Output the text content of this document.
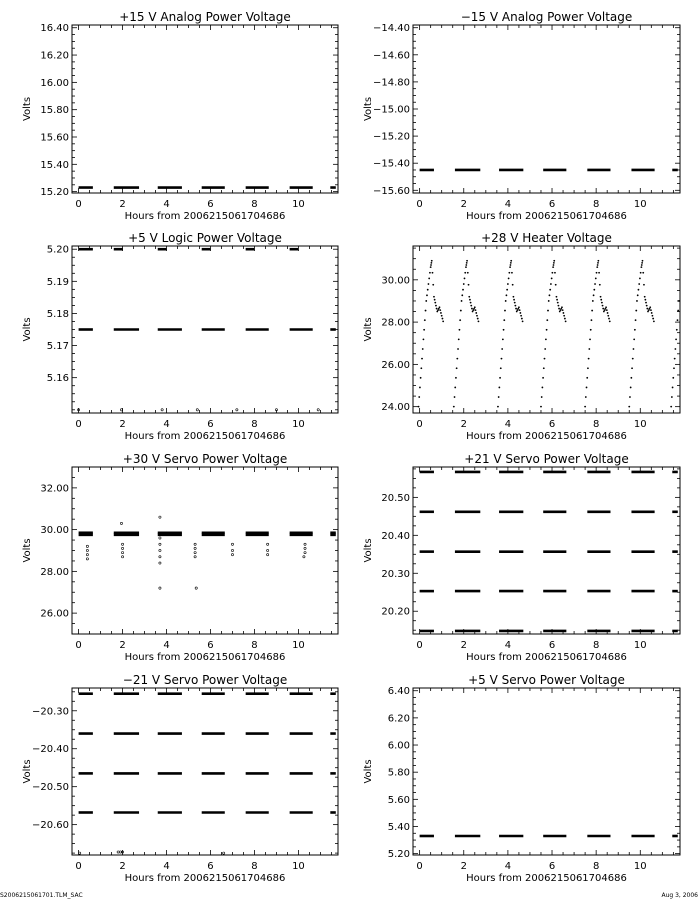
+15 V Analog Power Voltage
0	2	4	6	8	10
15.20
15.40
15.60
15.80
16.00
16.20
16.40
Hours from 2006215061704686
Volts
−15 V Analog Power Voltage
0	2	4	6	8	10
−15.60
−15.40
−15.20
−15.00
−14.80
−14.60
−14.40
Hours from 2006215061704686
Volts
+5 V Logic Power Voltage
0	2	4	6	8	10
5.16
5.17
5.18
5.19
5.20
Hours from 2006215061704686
Volts
+28 V Heater Voltage
0	2	4	6	8	10
24.00
26.00
28.00
30.00
Hours from 2006215061704686
Volts
+30 V Servo Power Voltage
0	2	4	6	8	10
26.00
28.00
30.00
32.00
Hours from 2006215061704686
Volts
+21 V Servo Power Voltage
0	2	4	6	8	10
20.20
20.30
20.40
20.50
Hours from 2006215061704686
Volts
−21 V Servo Power Voltage
0	2	4	6	8	10
−20.60
−20.50
−20.40
−20.30
Hours from 2006215061704686
Volts
+5 V Servo Power Voltage
0	2	4	6	8	10
5.20
5.40
5.60
5.80
6.00
6.20
6.40
Hours from 2006215061704686
Volts
S2006215061701.TLM_SAC	Aug 3, 2006
